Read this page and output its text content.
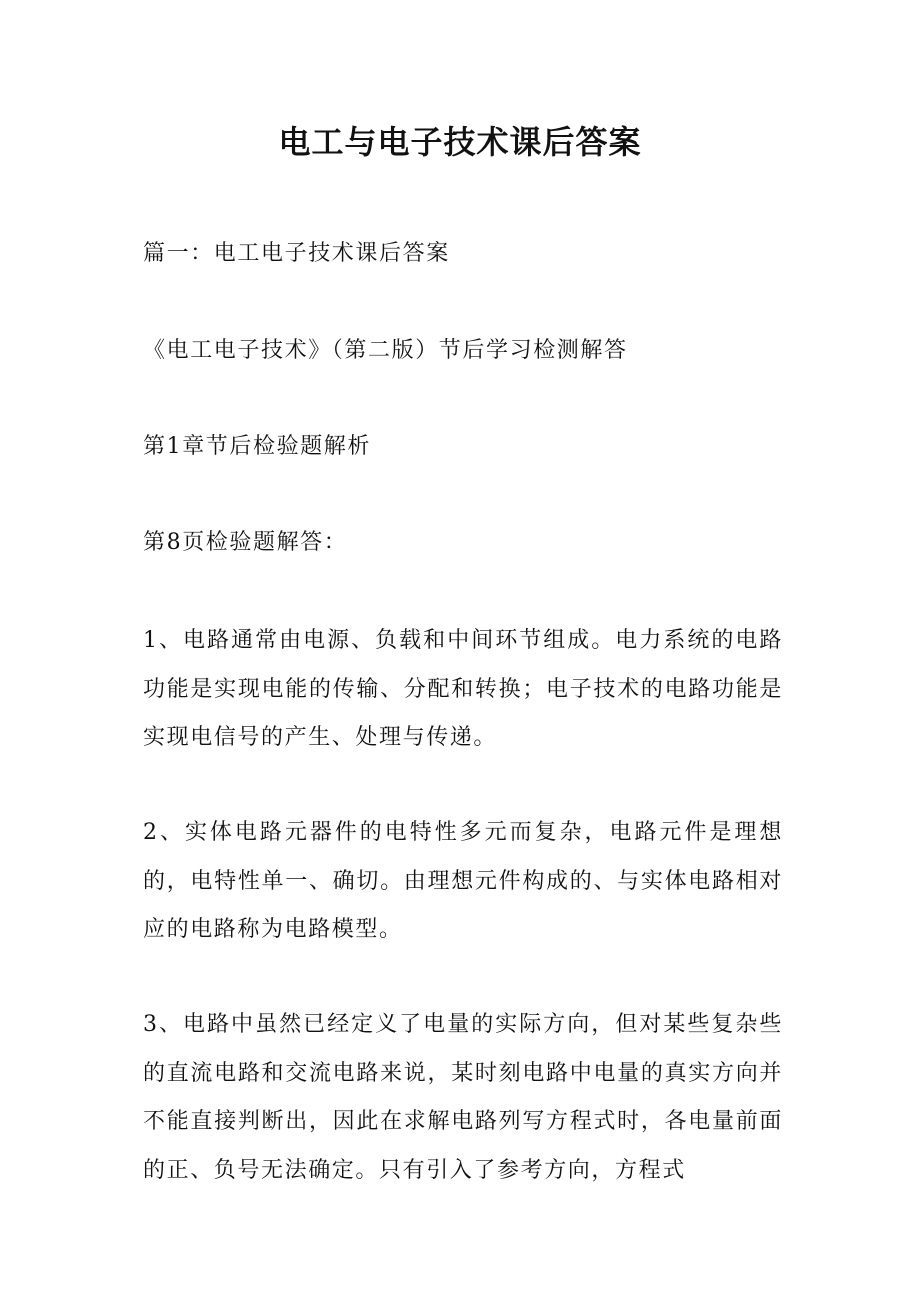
电工与电子技术课后答案

篇一：电工电子技术课后答案

《电工电子技术》（第二版）节后学习检测解答

第1章节后检验题解析

第8页检验题解答：

1、电路通常由电源、负载和中间环节组成。电力系统的电路功能是实现电能的传输、分配和转换；电子技术的电路功能是实现电信号的产生、处理与传递。

2、实体电路元器件的电特性多元而复杂，电路元件是理想的，电特性单一、确切。由理想元件构成的、与实体电路相对应的电路称为电路模型。

3、电路中虽然已经定义了电量的实际方向，但对某些复杂些的直流电路和交流电路来说，某时刻电路中电量的真实方向并不能直接判断出，因此在求解电路列写方程式时，各电量前面的正、负号无法确定。只有引入了参考方向，方程式
